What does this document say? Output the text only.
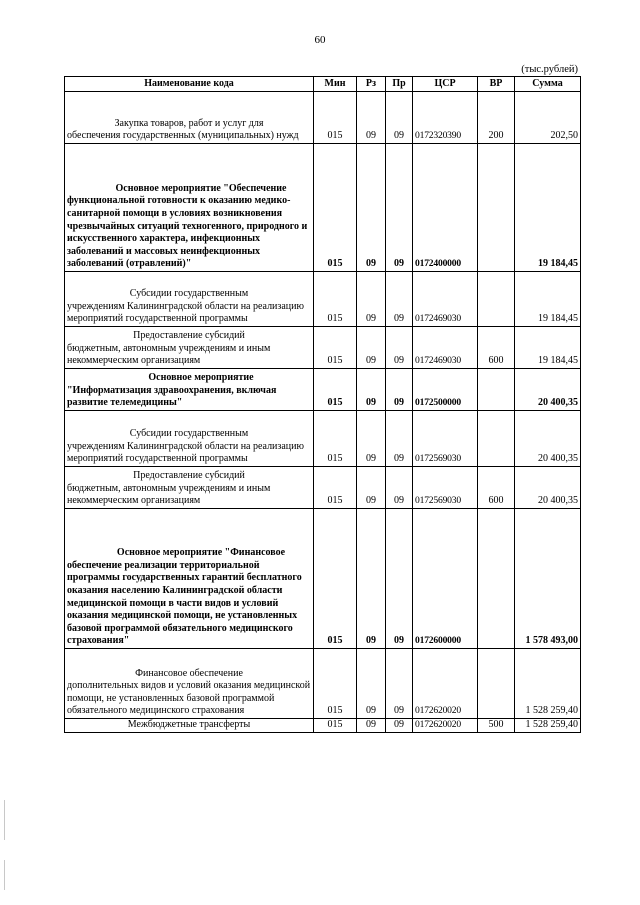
60
(тыс.рублей)
Наименование кода	Мин	Рз	Пр	ЦСР	ВР	Сумма

Закупка товаров, работ и услуг для
обеспечения государственных (муниципальных) нужд	015	09	09	0172320390	200	202,50

Основное мероприятие "Обеспечение
функциональной готовности к оказанию медико-санитарной помощи в условиях возникновения чрезвычайных ситуаций техногенного, природного и искусственного характера, инфекционных заболеваний и массовых неинфекционных заболеваний (отравлений)"	015	09	09	0172400000		19 184,45

Субсидии государственным
учреждениям Калининградской области на реализацию мероприятий государственной программы	015	09	09	0172469030		19 184,45

Предоставление субсидий
бюджетным, автономным учреждениям и иным некоммерческим организациям	015	09	09	0172469030	600	19 184,45

Основное мероприятие
"Информатизация здравоохранения, включая развитие телемедицины"	015	09	09	0172500000		20 400,35

Субсидии государственным
учреждениям Калининградской области на реализацию мероприятий государственной программы	015	09	09	0172569030		20 400,35

Предоставление субсидий
бюджетным, автономным учреждениям и иным некоммерческим организациям	015	09	09	0172569030	600	20 400,35

Основное мероприятие "Финансовое
обеспечение реализации территориальной программы государственных гарантий бесплатного оказания населению Калининградской области медицинской помощи в части видов и условий оказания медицинской помощи, не установленных базовой программой обязательного медицинского страхования"	015	09	09	0172600000		1 578 493,00

Финансовое обеспечение
дополнительных видов и условий оказания медицинской помощи, не установленных базовой программой обязательного медицинского страхования	015	09	09	0172620020		1 528 259,40

Межбюджетные трансферты	015	09	09	0172620020	500	1 528 259,40
